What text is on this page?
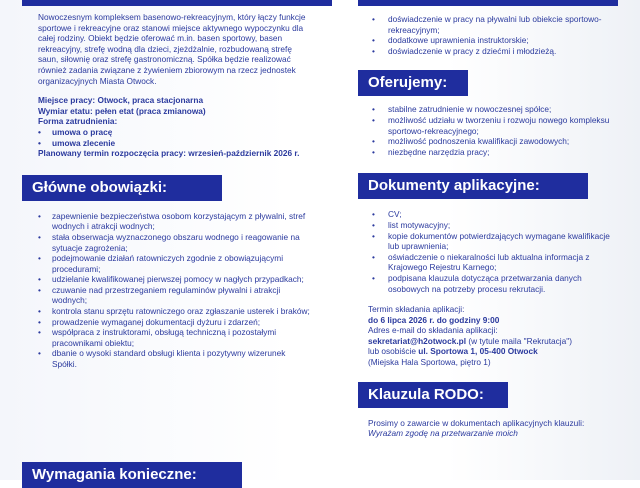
Nowoczesnym kompleksem basenowo-rekreacyjnym, który łączy funkcje sportowe i rekreacyjne oraz stanowi miejsce aktywnego wypoczynku dla całej rodziny. Obiekt będzie oferować m.in. basen sportowy, basen rekreacyjny, strefę wodną dla dzieci, zjeżdżalnie, rozbudowaną strefę saun, siłownię oraz strefę gastronomiczną. Spółka będzie realizować również zadania związane z żywieniem zbiorowym na rzecz jednostek organizacyjnych Miasta Otwock.
Miejsce pracy: Otwock, praca stacjonarna
Wymiar etatu: pełen etat (praca zmianowa)
Forma zatrudnienia:
• umowa o pracę
• umowa zlecenie
Planowany termin rozpoczęcia pracy: wrzesień-październik 2026 r.
Główne obowiązki:
• zapewnienie bezpieczeństwa osobom korzystającym z pływalni, stref wodnych i atrakcji wodnych;
• stała obserwacja wyznaczonego obszaru wodnego i reagowanie na sytuacje zagrożenia;
• podejmowanie działań ratowniczych zgodnie z obowiązującymi procedurami;
• udzielanie kwalifikowanej pierwszej pomocy w nagłych przypadkach;
• czuwanie nad przestrzeganiem regulaminów pływalni i atrakcji wodnych;
• kontrola stanu sprzętu ratowniczego oraz zgłaszanie usterek i braków;
• prowadzenie wymaganej dokumentacji dyżuru i zdarzeń;
• współpraca z instruktorami, obsługą techniczną i pozostałymi pracownikami obiektu;
• dbanie o wysoki standard obsługi klienta i pozytywny wizerunek Spółki.
Wymagania konieczne:
• doświadczenie w pracy na pływalni lub obiekcie sportowo-rekreacyjnym;
• dodatkowe uprawnienia instruktorskie;
• doświadczenie w pracy z dziećmi i młodzieżą.
Oferujemy:
• stabilne zatrudnienie w nowoczesnej spółce;
• możliwość udziału w tworzeniu i rozwoju nowego kompleksu sportowo-rekreacyjnego;
• możliwość podnoszenia kwalifikacji zawodowych;
• niezbędne narzędzia pracy;
Dokumenty aplikacyjne:
• CV;
• list motywacyjny;
• kopie dokumentów potwierdzających wymagane kwalifikacje lub uprawnienia;
• oświadczenie o niekaralności lub aktualna informacja z Krajowego Rejestru Karnego;
• podpisana klauzula dotycząca przetwarzania danych osobowych na potrzeby procesu rekrutacji.
Termin składania aplikacji:
do 6 lipca 2026 r. do godziny 9:00
Adres e-mail do składania aplikacji:
sekretariat@h2otwock.pl (w tytule maila "Rekrutacja")
lub osobiście ul. Sportowa 1, 05-400 Otwock
(Miejska Hala Sportowa, piętro 1)
Klauzula RODO:
Prosimy o zawarcie w dokumentach aplikacyjnych klauzuli: Wyrażam zgodę na przetwarzanie moich
